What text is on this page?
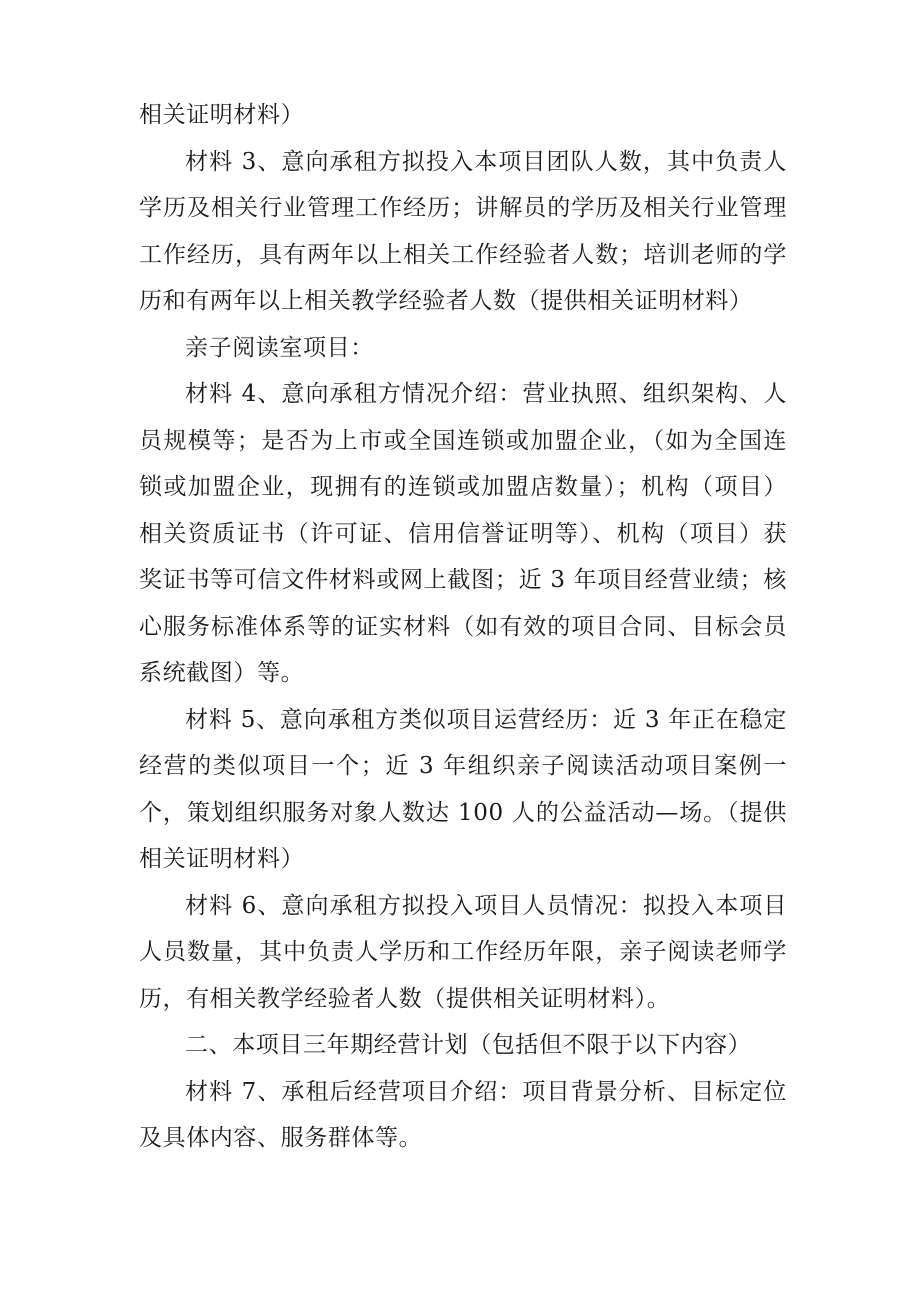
相关证明材料）

材料 3、意向承租方拟投入本项目团队人数，其中负责人学历及相关行业管理工作经历；讲解员的学历及相关行业管理工作经历，具有两年以上相关工作经验者人数；培训老师的学历和有两年以上相关教学经验者人数（提供相关证明材料）

亲子阅读室项目：

材料 4、意向承租方情况介绍：营业执照、组织架构、人员规模等；是否为上市或全国连锁或加盟企业，（如为全国连锁或加盟企业，现拥有的连锁或加盟店数量）；机构（项目）相关资质证书（许可证、信用信誉证明等）、机构（项目）获奖证书等可信文件材料或网上截图；近 3 年项目经营业绩；核心服务标准体系等的证实材料（如有效的项目合同、目标会员系统截图）等。

材料 5、意向承租方类似项目运营经历：近 3 年正在稳定经营的类似项目一个；近 3 年组织亲子阅读活动项目案例一个，策划组织服务对象人数达 100 人的公益活动—场。（提供相关证明材料）

材料 6、意向承租方拟投入项目人员情况：拟投入本项目人员数量，其中负责人学历和工作经历年限，亲子阅读老师学历，有相关教学经验者人数（提供相关证明材料）。

二、本项目三年期经营计划（包括但不限于以下内容）

材料 7、承租后经营项目介绍：项目背景分析、目标定位及具体内容、服务群体等。
